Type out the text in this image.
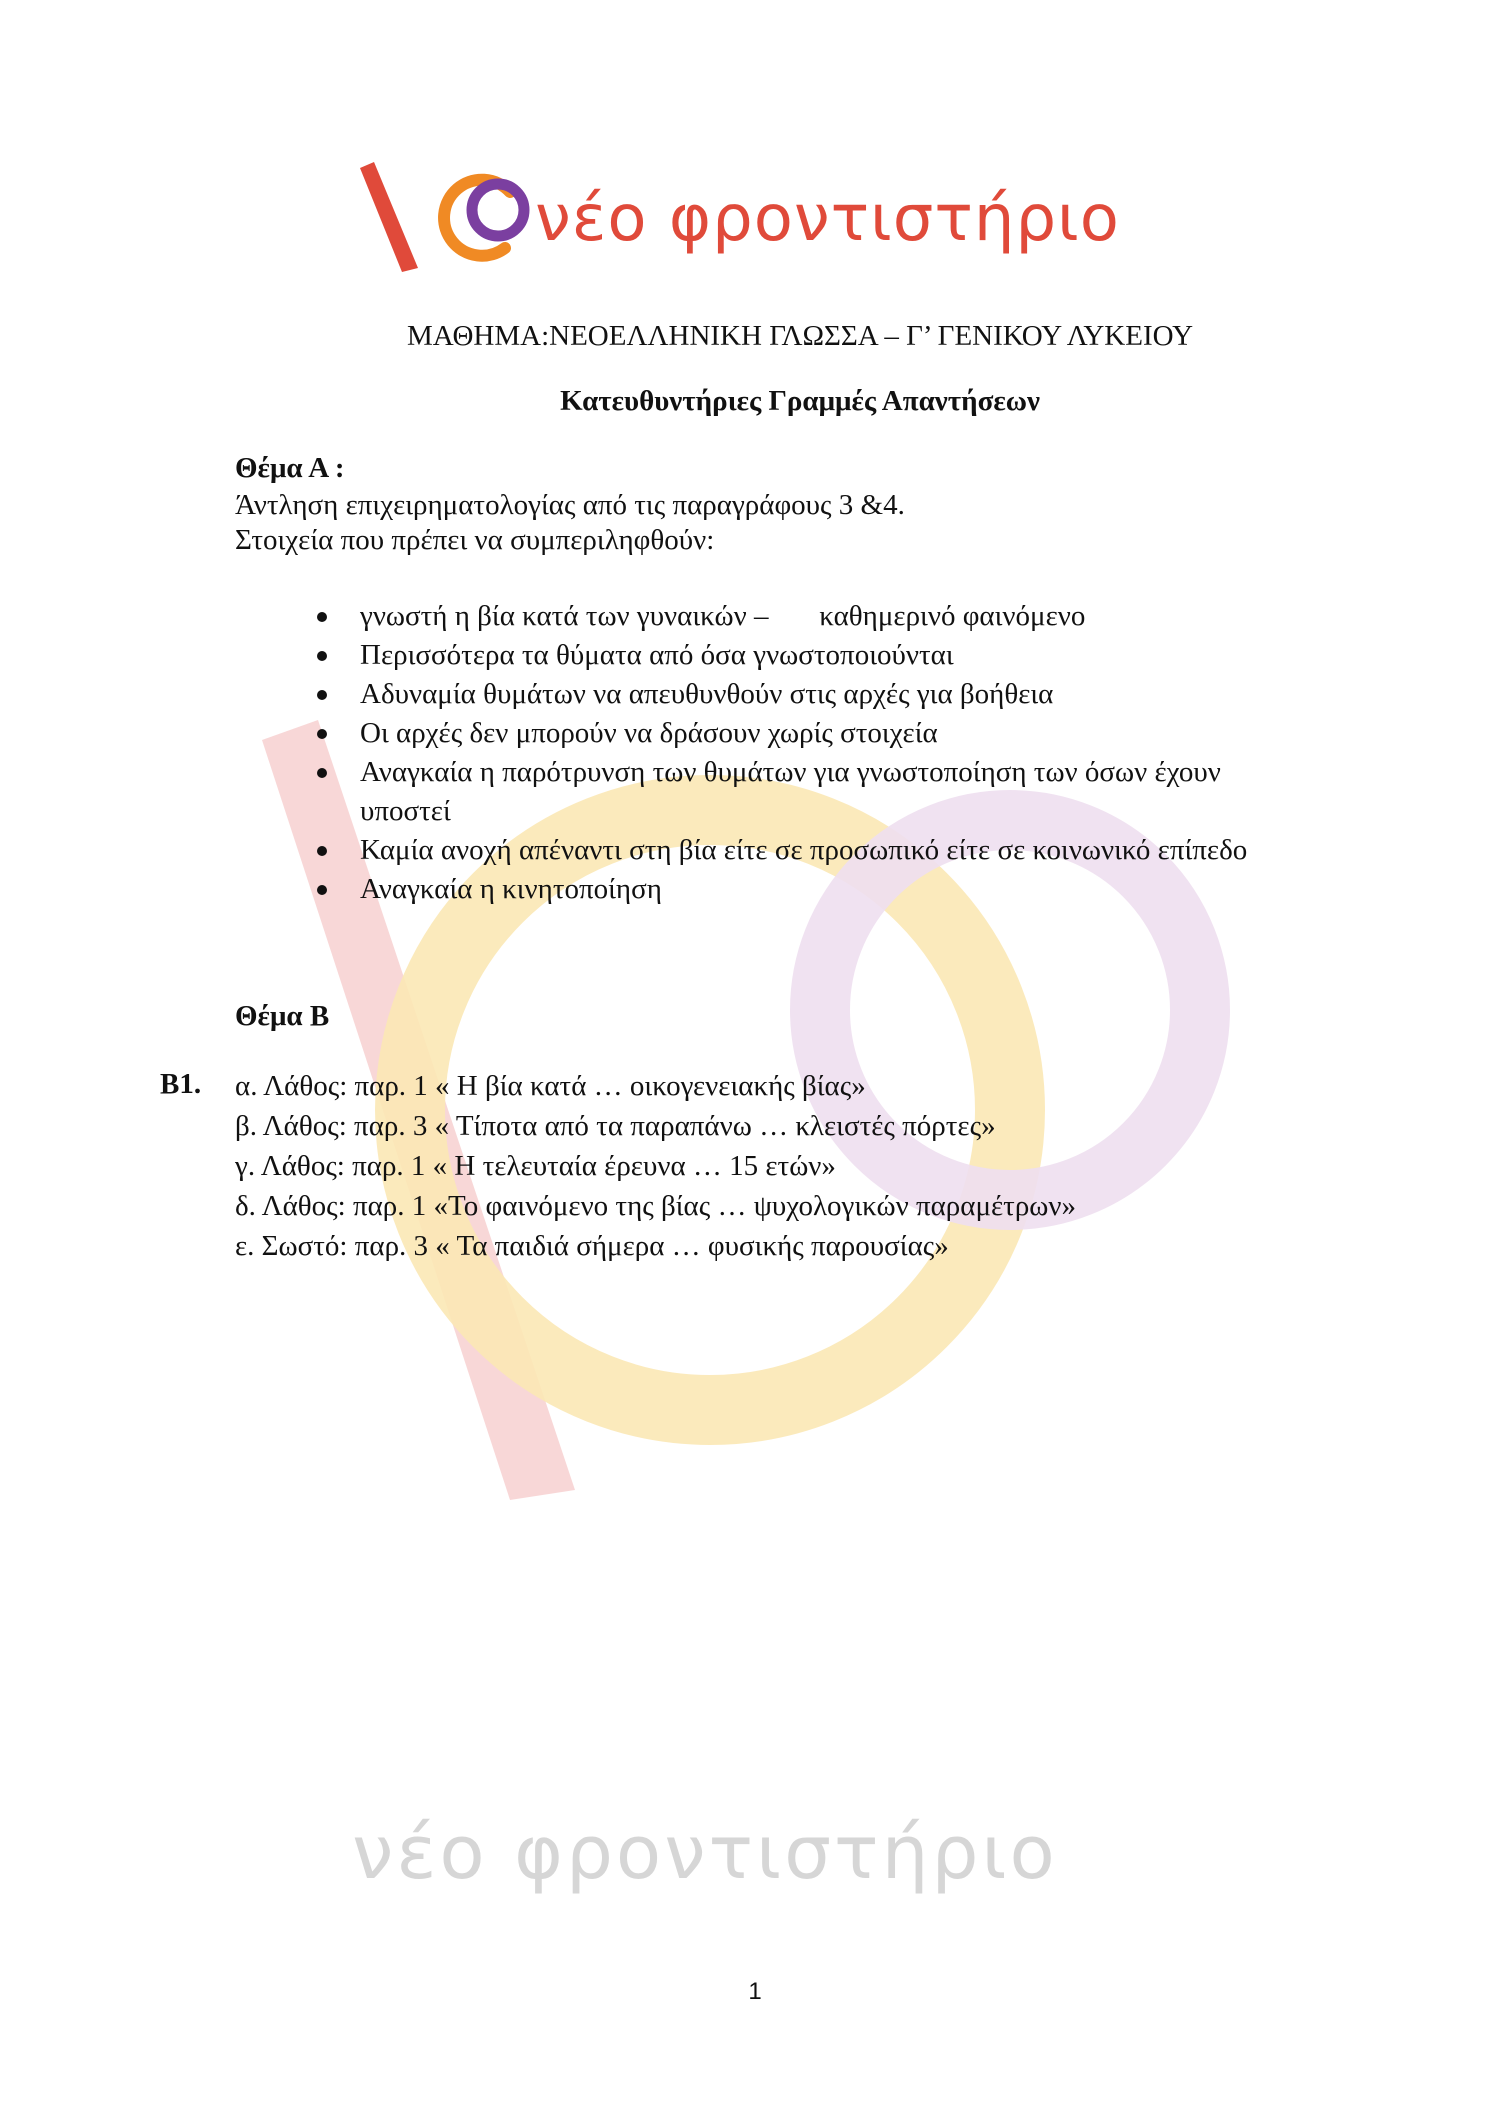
νέο φροντιστήριο
ΜΑΘΗΜΑ:ΝΕΟΕΛΛΗΝΙΚΗ ΓΛΩΣΣΑ – Γ’ ΓΕΝΙΚΟΥ ΛΥΚΕΙΟΥ
Κατευθυντήριες Γραμμές Απαντήσεων
Θέμα Α :
Άντληση επιχειρηματολογίας από τις παραγράφους 3 &4.
Στοιχεία που πρέπει να συμπεριληφθούν:
γνωστή η βία κατά των γυναικών –       καθημερινό φαινόμενο
Περισσότερα τα θύματα από όσα γνωστοποιούνται
Αδυναμία θυμάτων να απευθυνθούν στις αρχές για βοήθεια
Οι αρχές δεν μπορούν να δράσουν χωρίς στοιχεία
Αναγκαία η παρότρυνση των θυμάτων για γνωστοποίηση των όσων έχουν υποστεί
Καμία ανοχή απέναντι στη βία είτε σε προσωπικό είτε σε κοινωνικό επίπεδο
Αναγκαία η κινητοποίηση
Θέμα Β
Β1. α. Λάθος: παρ. 1 « Η βία κατά … οικογενειακής βίας»
β. Λάθος: παρ. 3 « Τίποτα από τα παραπάνω … κλειστές πόρτες»
γ. Λάθος: παρ. 1 « Η τελευταία έρευνα … 15 ετών»
δ. Λάθος: παρ. 1 «Το φαινόμενο της βίας … ψυχολογικών παραμέτρων»
ε. Σωστό: παρ. 3 « Τα παιδιά σήμερα … φυσικής παρουσίας»
νέο φροντιστήριο
1
